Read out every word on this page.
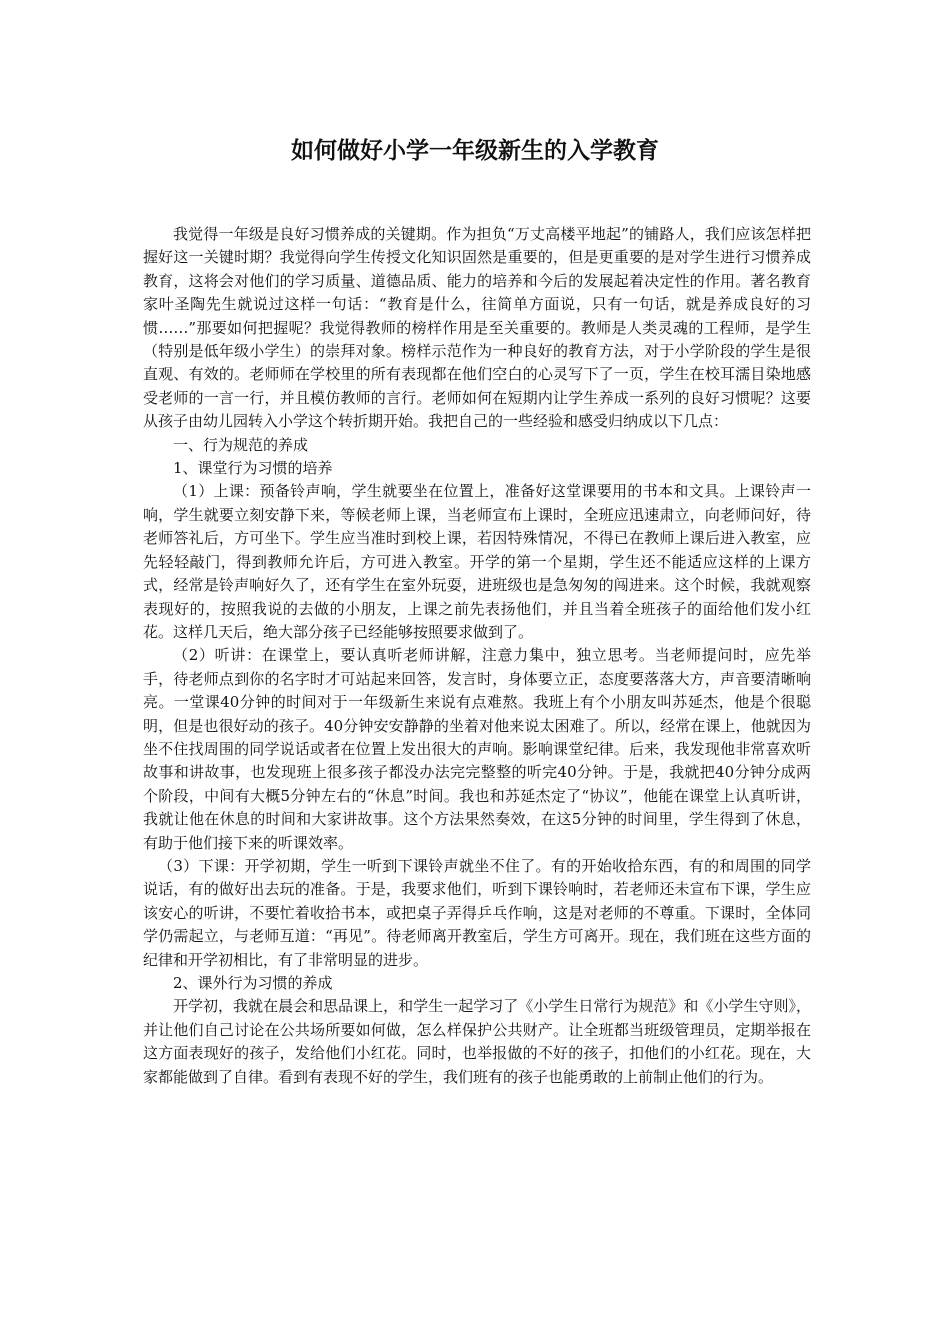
如何做好小学一年级新生的入学教育

我觉得一年级是良好习惯养成的关键期。作为担负“万丈高楼平地起”的铺路人，我们应该怎样把握好这一关键时期？我觉得向学生传授文化知识固然是重要的，但是更重要的是对学生进行习惯养成教育，这将会对他们的学习质量、道德品质、能力的培养和今后的发展起着决定性的作用。著名教育家叶圣陶先生就说过这样一句话：“教育是什么，往简单方面说，只有一句话，就是养成良好的习惯……”那要如何把握呢？我觉得教师的榜样作用是至关重要的。教师是人类灵魂的工程师，是学生（特别是低年级小学生）的崇拜对象。榜样示范作为一种良好的教育方法，对于小学阶段的学生是很直观、有效的。老师师在学校里的所有表现都在他们空白的心灵写下了一页，学生在校耳濡目染地感受老师的一言一行，并且模仿教师的言行。老师如何在短期内让学生养成一系列的良好习惯呢？这要从孩子由幼儿园转入小学这个转折期开始。我把自己的一些经验和感受归纳成以下几点：

一、行为规范的养成

1、课堂行为习惯的培养

（1）上课：预备铃声响，学生就要坐在位置上，准备好这堂课要用的书本和文具。上课铃声一响，学生就要立刻安静下来，等候老师上课，当老师宣布上课时，全班应迅速肃立，向老师问好，待老师答礼后，方可坐下。学生应当准时到校上课，若因特殊情况，不得已在教师上课后进入教室，应先轻轻敲门，得到教师允许后，方可进入教室。开学的第一个星期，学生还不能适应这样的上课方式，经常是铃声响好久了，还有学生在室外玩耍，进班级也是急匆匆的闯进来。这个时候，我就观察表现好的，按照我说的去做的小朋友，上课之前先表扬他们，并且当着全班孩子的面给他们发小红花。这样几天后，绝大部分孩子已经能够按照要求做到了。

（2）听讲：在课堂上，要认真听老师讲解，注意力集中，独立思考。当老师提问时，应先举手，待老师点到你的名字时才可站起来回答，发言时，身体要立正，态度要落落大方，声音要清晰响亮。一堂课40分钟的时间对于一年级新生来说有点难熬。我班上有个小朋友叫苏延杰，他是个很聪明，但是也很好动的孩子。40分钟安安静静的坐着对他来说太困难了。所以，经常在课上，他就因为坐不住找周围的同学说话或者在位置上发出很大的声响。影响课堂纪律。后来，我发现他非常喜欢听故事和讲故事，也发现班上很多孩子都没办法完完整整的听完40分钟。于是，我就把40分钟分成两个阶段，中间有大概5分钟左右的“休息”时间。我也和苏延杰定了“协议”，他能在课堂上认真听讲，我就让他在休息的时间和大家讲故事。这个方法果然奏效，在这5分钟的时间里，学生得到了休息，有助于他们接下来的听课效率。

（3）下课：开学初期，学生一听到下课铃声就坐不住了。有的开始收拾东西，有的和周围的同学说话，有的做好出去玩的准备。于是，我要求他们，听到下课铃响时，若老师还未宣布下课，学生应该安心的听讲，不要忙着收拾书本，或把桌子弄得乒乓作响，这是对老师的不尊重。下课时，全体同学仍需起立，与老师互道：“再见”。待老师离开教室后，学生方可离开。现在，我们班在这些方面的纪律和开学初相比，有了非常明显的进步。

2、课外行为习惯的养成

开学初，我就在晨会和思品课上，和学生一起学习了《小学生日常行为规范》和《小学生守则》，并让他们自己讨论在公共场所要如何做，怎么样保护公共财产。让全班都当班级管理员，定期举报在这方面表现好的孩子，发给他们小红花。同时，也举报做的不好的孩子，扣他们的小红花。现在，大家都能做到了自律。看到有表现不好的学生，我们班有的孩子也能勇敢的上前制止他们的行为。
